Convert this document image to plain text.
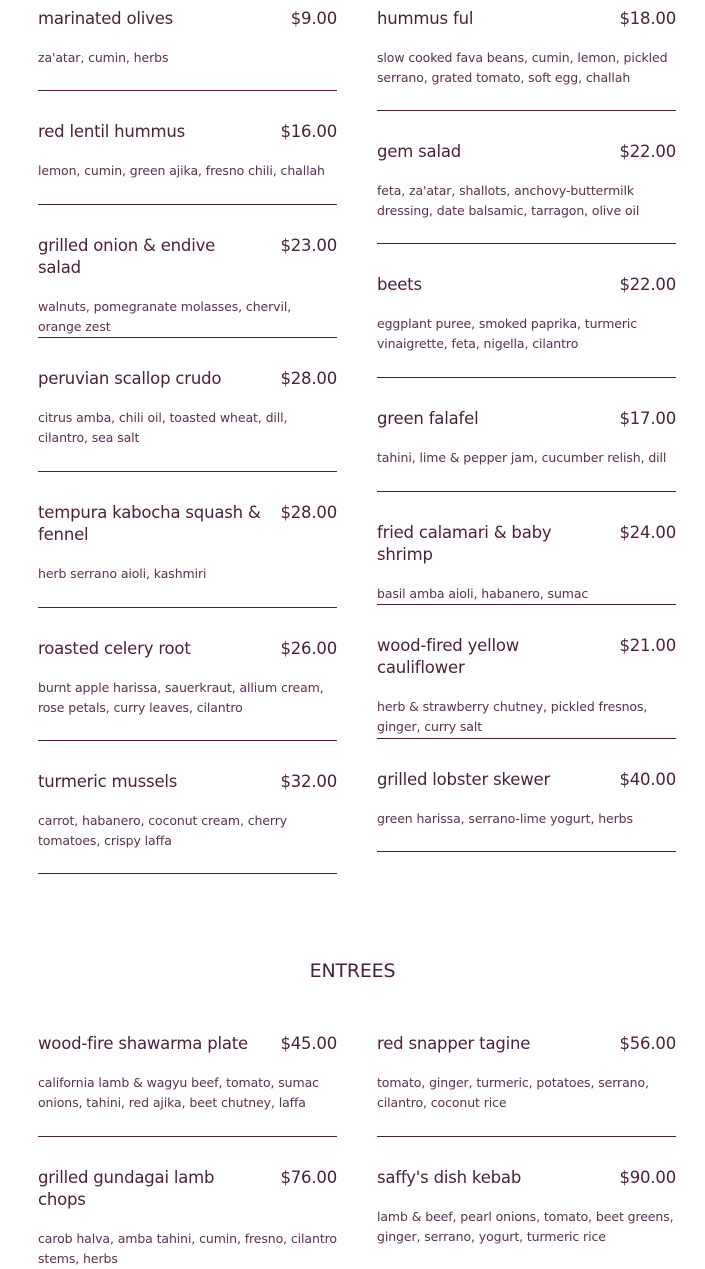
marinated olives	$9.00
za'atar, cumin, herbs
red lentil hummus	$16.00
lemon, cumin, green ajika, fresno chili, challah
grilled onion & endive salad
$23.00
walnuts, pomegranate molasses, chervil, orange zest
peruvian scallop crudo	$28.00
citrus amba, chili oil, toasted wheat, dill, cilantro, sea salt
tempura kabocha squash & fennel
$28.00
herb serrano aioli, kashmiri
roasted celery root	$26.00
burnt apple harissa, sauerkraut, allium cream, rose petals, curry leaves, cilantro
turmeric mussels	$32.00
carrot, habanero, coconut cream, cherry tomatoes, crispy laffa
wood-fire shawarma plate $45.00
california lamb & wagyu beef, tomato, sumac onions, tahini, red ajika, beet chutney, laffa
grilled gundagai lamb chops
$76.00
carob halva, amba tahini, cumin, fresno, cilantro stems, herbs
hummus ful	$18.00
slow cooked fava beans, cumin, lemon, pickled serrano, grated tomato, soft egg, challah
gem salad	$22.00
feta, za'atar, shallots, anchovy-buttermilk dressing, date balsamic, tarragon, olive oil
beets	$22.00
eggplant puree, smoked paprika, turmeric vinaigrette, feta, nigella, cilantro
green falafel	$17.00
tahini, lime & pepper jam, cucumber relish, dill
fried calamari & baby shrimp
$24.00
basil amba aioli, habanero, sumac
wood-fired yellow cauliflower
$21.00
herb & strawberry chutney, pickled fresnos, ginger, curry salt
grilled lobster skewer	$40.00
green harissa, serrano-lime yogurt, herbs
red snapper tagine	$56.00
tomato, ginger, turmeric, potatoes, serrano, cilantro, coconut rice
saffy's dish kebab	$90.00
lamb & beef, pearl onions, tomato, beet greens, ginger, serrano, yogurt, turmeric rice
ENTREES
